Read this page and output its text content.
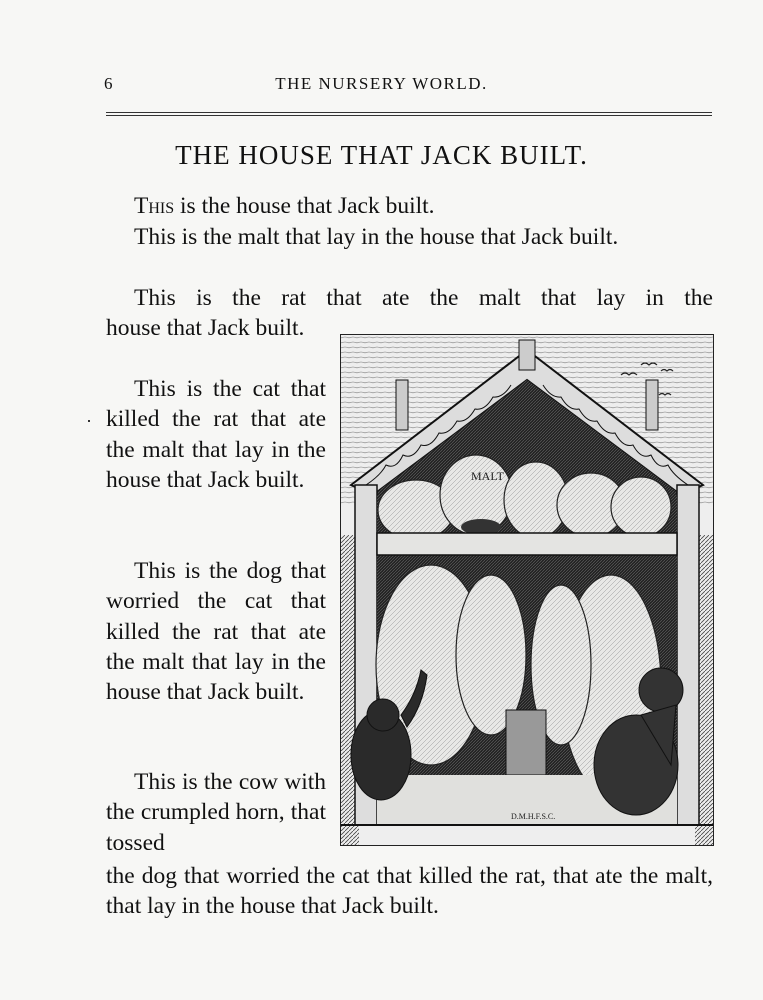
6	THE NURSERY WORLD.
THE HOUSE THAT JACK BUILT.
This is the house that Jack built.
This is the malt that lay in the house that Jack built.
This is the rat that ate the malt that lay in the
house that Jack built.
This is the cat that killed the rat that ate the malt that lay in the house that Jack built.
This is the dog that worried the cat that killed the rat that ate the malt that lay in the house that Jack built.
This is the cow with the crumpled horn, that tossed
the dog that worried the cat that killed the rat, that ate the malt, that lay in the house that Jack built.
MALT
D.M.H.F.S.C.
